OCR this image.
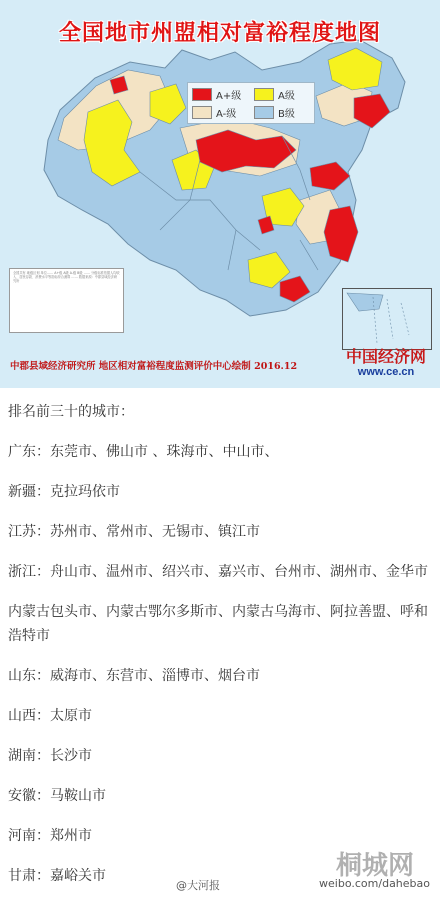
全国地市州盟相对富裕程度地图
A+级	A级
A-级	B级
全国共有 地级区划 单位…… A+级 A级 A-级 B级 …… 分级标准依据人均收入、居民存款、消费水平等指标综合测算 …… 数据来源：中郡县域经济研究所
中国经济网
www.ce.cn
中郡县域经济研究所 地区相对富裕程度监测评价中心绘制 2016.12
排名前三十的城市：
广东：东莞市、佛山市 、珠海市、中山市、
新疆：克拉玛依市
江苏：苏州市、常州市、无锡市、镇江市
浙江：舟山市、温州市、绍兴市、嘉兴市、台州市、湖州市、金华市
内蒙古包头市、内蒙古鄂尔多斯市、内蒙古乌海市、阿拉善盟、呼和浩特市
山东：威海市、东营市、淄博市、烟台市
山西：太原市
湖南：长沙市
安徽：马鞍山市
河南：郑州市
甘肃：嘉峪关市	桐城网
@大河报	weibo.com/dahebao
